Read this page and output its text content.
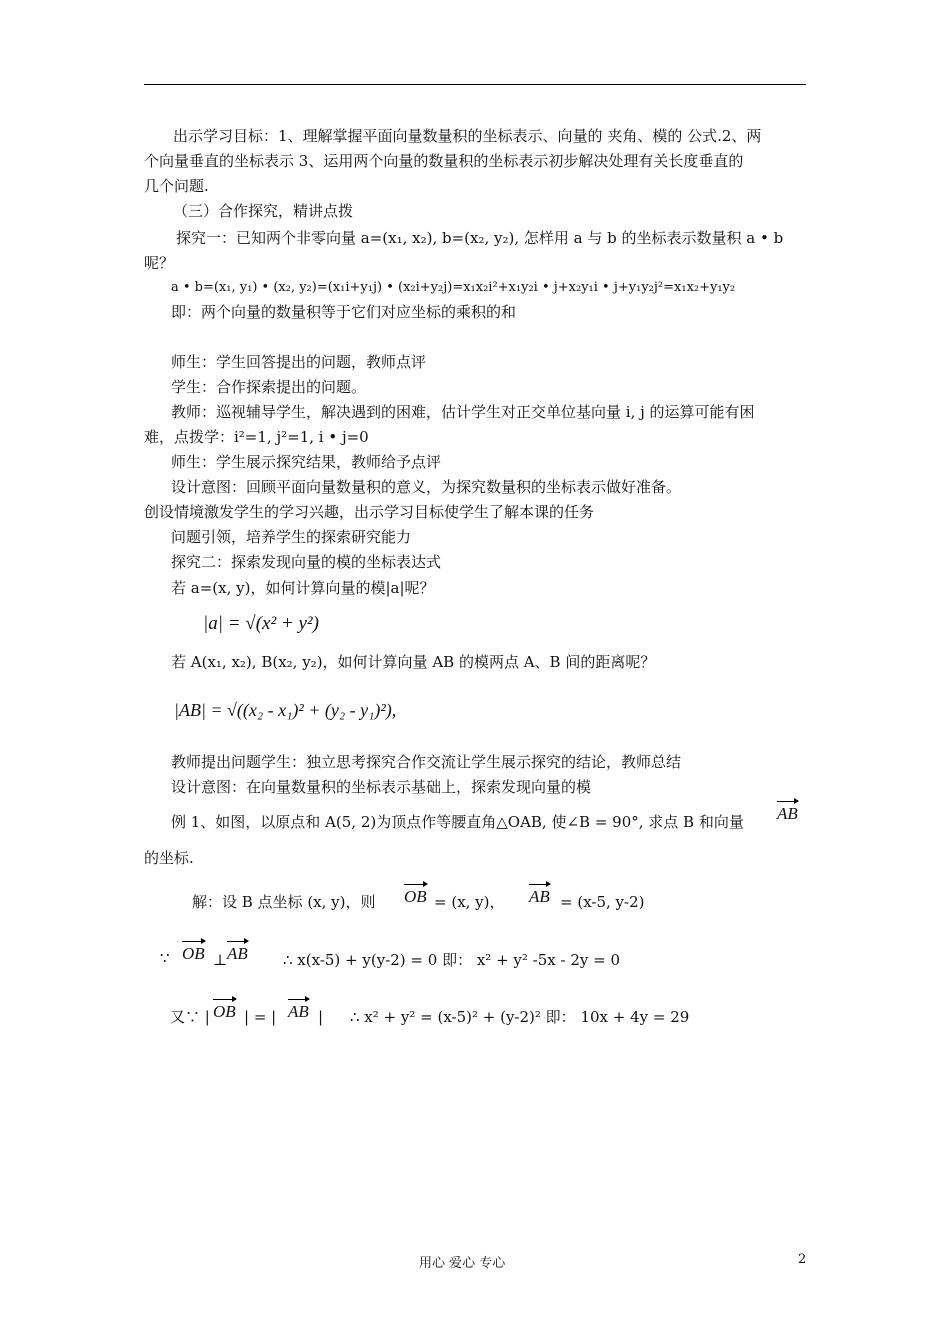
出示学习目标：1、理解掌握平面向量数量积的坐标表示、向量的 夹角、模的 公式.2、两
个向量垂直的坐标表示 3、运用两个向量的数量积的坐标表示初步解决处理有关长度垂直的
几个问题.
（三）合作探究，精讲点拨
探究一：已知两个非零向量 a=(x₁, x₂), b=(x₂, y₂), 怎样用 a 与 b 的坐标表示数量积 a • b
呢？
a • b=(x₁, y₁) • (x₂, y₂)=(x₁i+y₁j) • (x₂i+y₂j)=x₁x₂i²+x₁y₂i • j+x₂y₁i • j+y₁y₂j²=x₁x₂+y₁y₂
即：两个向量的数量积等于它们对应坐标的乘积的和
师生：学生回答提出的问题，教师点评
学生：合作探索提出的问题。
教师：巡视辅导学生，解决遇到的困难，估计学生对正交单位基向量 i, j 的运算可能有困
难，点拨学：i²=1, j²=1, i • j=0
师生：学生展示探究结果，教师给予点评
设计意图：回顾平面向量数量积的意义，为探究数量积的坐标表示做好准备。
创设情境激发学生的学习兴趣，出示学习目标使学生了解本课的任务
问题引领，培养学生的探索研究能力
探究二：探索发现向量的模的坐标表达式
若 a=(x, y)，如何计算向量的模|a|呢？
|a| = √(x² + y²)
若 A(x₁, x₂), B(x₂, y₂)，如何计算向量 AB 的模两点 A、B 间的距离呢？
|AB| = √((x₂ - x₁)² + (y₂ - y₁)²),
教师提出问题学生：独立思考探究合作交流让学生展示探究的结论，教师总结
设计意图：在向量数量积的坐标表示基础上，探索发现向量的模
例 1、如图，以原点和 A(5, 2)为顶点作等腰直角△OAB, 使∠B = 90°, 求点 B 和向量 AB
的坐标.
解：设 B 点坐标 (x, y)，则 OB = (x, y)， AB = (x-5, y-2)
∵ OB ⊥ AB ∴ x(x-5) + y(y-2) = 0 即： x² + y² -5x - 2y = 0
又∵ | OB | = | AB | ∴ x² + y² = (x-5)² + (y-2)² 即： 10x + 4y = 29
用心 爱心 专心	2
